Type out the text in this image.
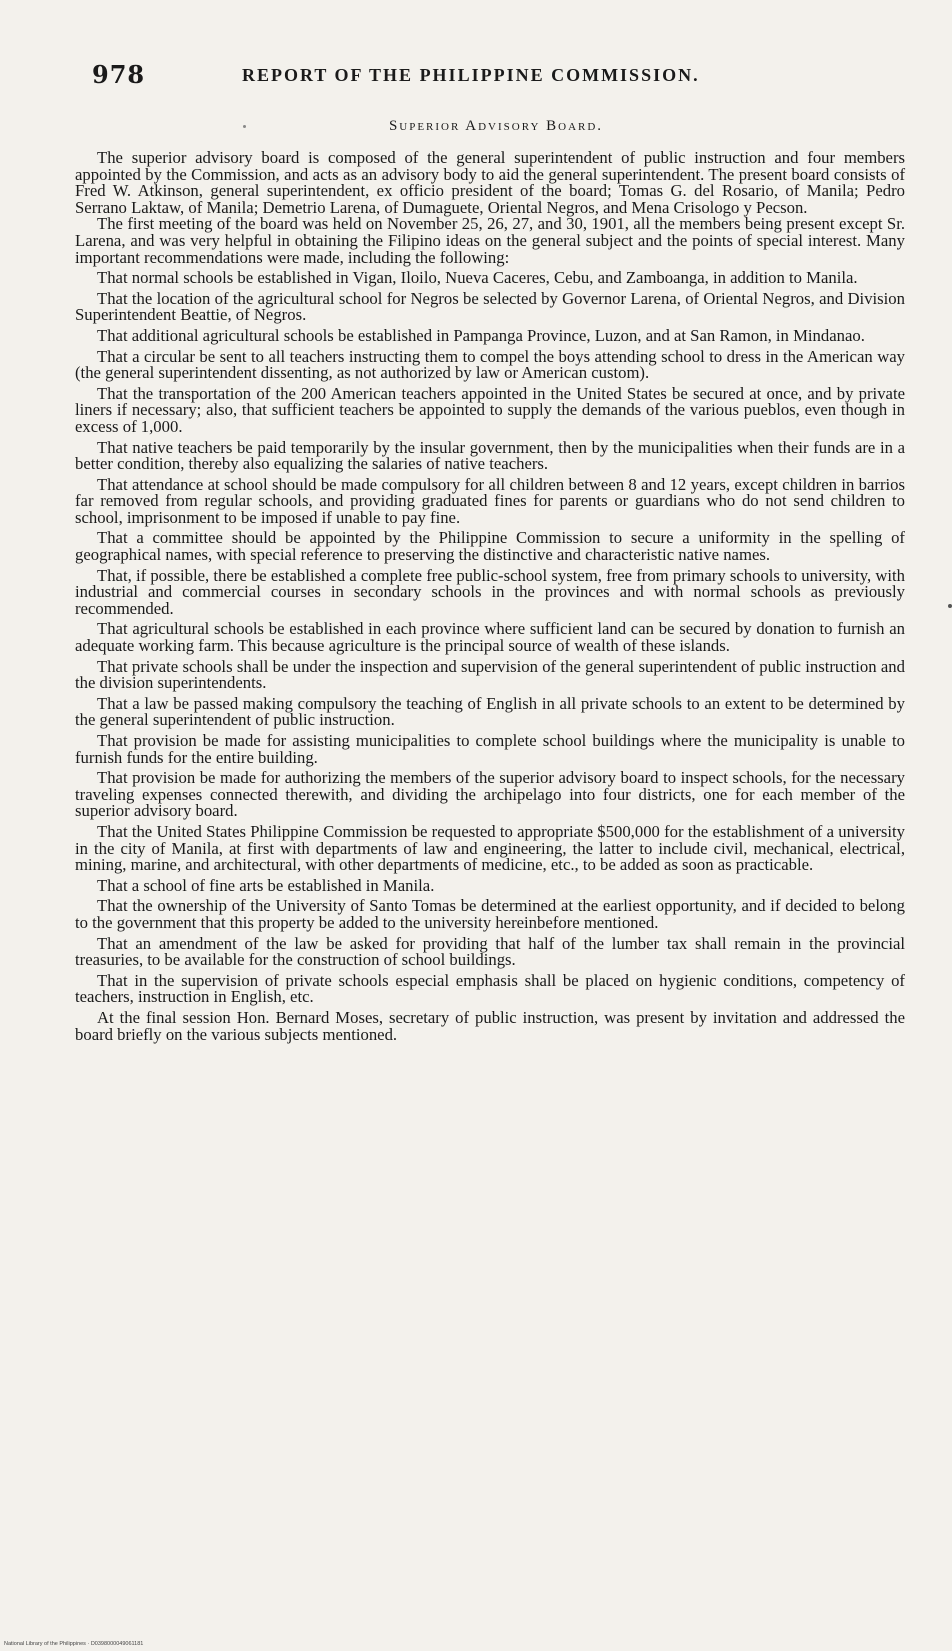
978	REPORT OF THE PHILIPPINE COMMISSION.
Superior Advisory Board.

The superior advisory board is composed of the general superintendent of public instruction and four members appointed by the Commission, and acts as an advisory body to aid the general superintendent. The present board consists of Fred W. Atkinson, general superintendent, ex officio president of the board; Tomas G. del Rosario, of Manila; Pedro Serrano Laktaw, of Manila; Demetrio Larena, of Dumaguete, Oriental Negros, and Mena Crisologo y Pecson.

The first meeting of the board was held on November 25, 26, 27, and 30, 1901, all the members being present except Sr. Larena, and was very helpful in obtaining the Filipino ideas on the general subject and the points of special interest. Many important recommendations were made, including the following:

That normal schools be established in Vigan, Iloilo, Nueva Caceres, Cebu, and Zamboanga, in addition to Manila.

That the location of the agricultural school for Negros be selected by Governor Larena, of Oriental Negros, and Division Superintendent Beattie, of Negros.

That additional agricultural schools be established in Pampanga Province, Luzon, and at San Ramon, in Mindanao.

That a circular be sent to all teachers instructing them to compel the boys attending school to dress in the American way (the general superintendent dissenting, as not authorized by law or American custom).

That the transportation of the 200 American teachers appointed in the United States be secured at once, and by private liners if necessary; also, that sufficient teachers be appointed to supply the demands of the various pueblos, even though in excess of 1,000.

That native teachers be paid temporarily by the insular government, then by the municipalities when their funds are in a better condition, thereby also equalizing the salaries of native teachers.

That attendance at school should be made compulsory for all children between 8 and 12 years, except children in barrios far removed from regular schools, and providing graduated fines for parents or guardians who do not send children to school, imprisonment to be imposed if unable to pay fine.

That a committee should be appointed by the Philippine Commission to secure a uniformity in the spelling of geographical names, with special reference to preserving the distinctive and characteristic native names.

That, if possible, there be established a complete free public-school system, free from primary schools to university, with industrial and commercial courses in secondary schools in the provinces and with normal schools as previously recommended.

That agricultural schools be established in each province where sufficient land can be secured by donation to furnish an adequate working farm. This because agriculture is the principal source of wealth of these islands.

That private schools shall be under the inspection and supervision of the general superintendent of public instruction and the division superintendents.

That a law be passed making compulsory the teaching of English in all private schools to an extent to be determined by the general superintendent of public instruction.

That provision be made for assisting municipalities to complete school buildings where the municipality is unable to furnish funds for the entire building.

That provision be made for authorizing the members of the superior advisory board to inspect schools, for the necessary traveling expenses connected therewith, and dividing the archipelago into four districts, one for each member of the superior advisory board.

That the United States Philippine Commission be requested to appropriate $500,000 for the establishment of a university in the city of Manila, at first with departments of law and engineering, the latter to include civil, mechanical, electrical, mining, marine, and architectural, with other departments of medicine, etc., to be added as soon as practicable.

That a school of fine arts be established in Manila.

That the ownership of the University of Santo Tomas be determined at the earliest opportunity, and if decided to belong to the government that this property be added to the university hereinbefore mentioned.

That an amendment of the law be asked for providing that half of the lumber tax shall remain in the provincial treasuries, to be available for the construction of school buildings.

That in the supervision of private schools especial emphasis shall be placed on hygienic conditions, competency of teachers, instruction in English, etc.

At the final session Hon. Bernard Moses, secretary of public instruction, was present by invitation and addressed the board briefly on the various subjects mentioned.

National Library of the Philippines · D0398000049061181
